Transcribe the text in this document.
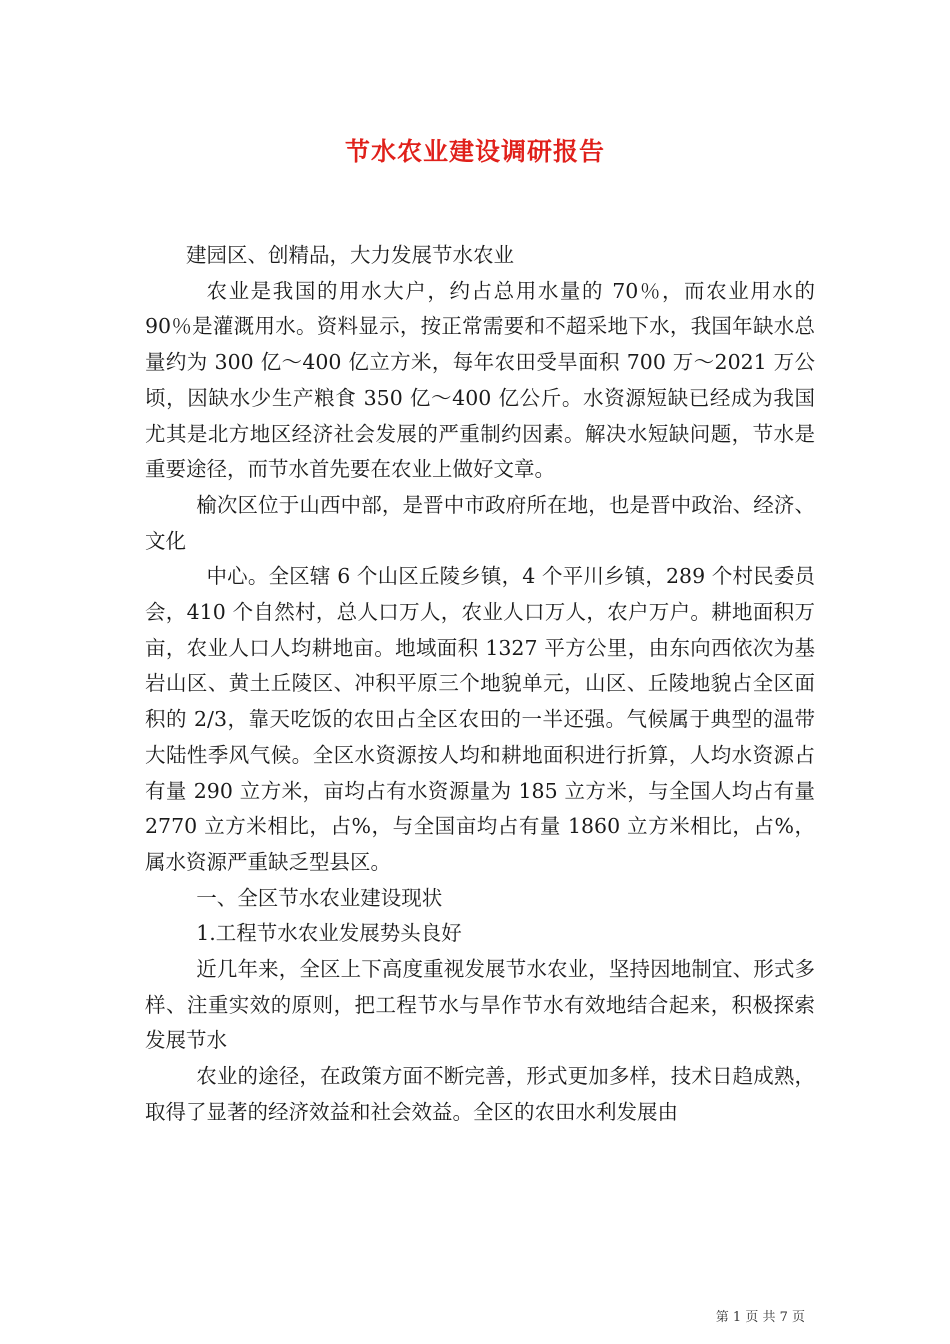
节水农业建设调研报告

建园区、创精品，大力发展节水农业

农业是我国的用水大户，约占总用水量的 70％，而农业用水的 90％是灌溉用水。资料显示，按正常需要和不超采地下水，我国年缺水总量约为 300 亿～400 亿立方米，每年农田受旱面积 700 万～2021 万公顷，因缺水少生产粮食 350 亿～400 亿公斤。水资源短缺已经成为我国尤其是北方地区经济社会发展的严重制约因素。解决水短缺问题，节水是重要途径，而节水首先要在农业上做好文章。

榆次区位于山西中部，是晋中市政府所在地，也是晋中政治、经济、文化

中心。全区辖 6 个山区丘陵乡镇，4 个平川乡镇，289 个村民委员会，410 个自然村，总人口万人，农业人口万人，农户万户。耕地面积万亩，农业人口人均耕地亩。地域面积 1327 平方公里，由东向西依次为基岩山区、黄土丘陵区、冲积平原三个地貌单元，山区、丘陵地貌占全区面积的 2/3，靠天吃饭的农田占全区农田的一半还强。气候属于典型的温带大陆性季风气候。全区水资源按人均和耕地面积进行折算，人均水资源占有量 290 立方米，亩均占有水资源量为 185 立方米，与全国人均占有量 2770 立方米相比，占%，与全国亩均占有量 1860 立方米相比，占%，属水资源严重缺乏型县区。

一、全区节水农业建设现状

1.工程节水农业发展势头良好

近几年来，全区上下高度重视发展节水农业，坚持因地制宜、形式多样、注重实效的原则，把工程节水与旱作节水有效地结合起来，积极探索发展节水

农业的途径，在政策方面不断完善，形式更加多样，技术日趋成熟，取得了显著的经济效益和社会效益。全区的农田水利发展由

第 1 页 共 7 页
